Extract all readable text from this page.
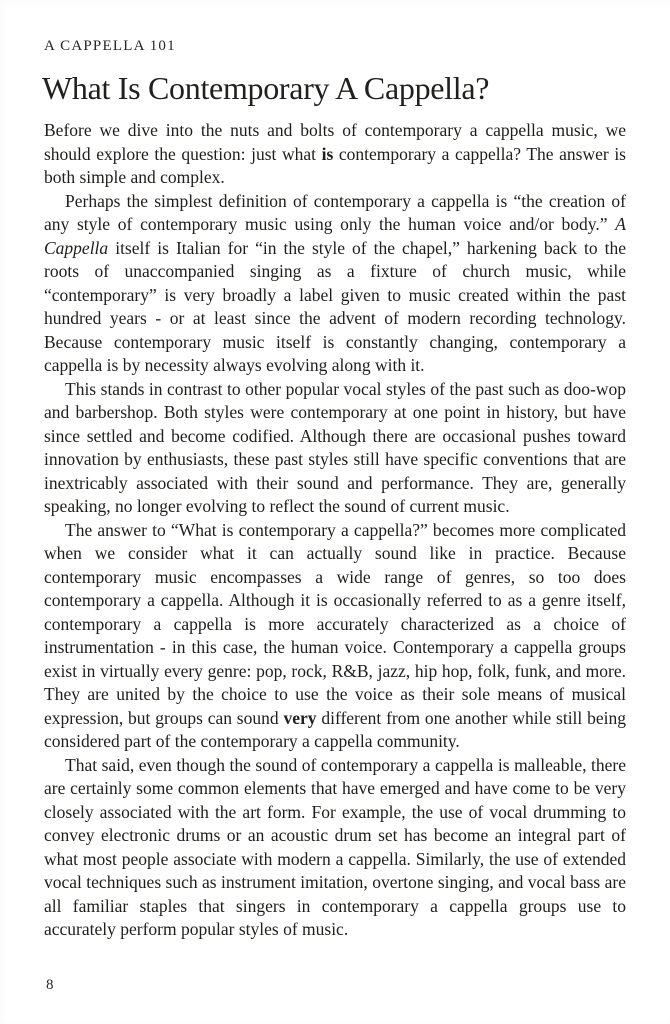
A CAPPELLA 101
What Is Contemporary A Cappella?

Before we dive into the nuts and bolts of contemporary a cappella music, we should explore the question: just what is contemporary a cappella? The answer is both simple and complex.

Perhaps the simplest definition of contemporary a cappella is “the creation of any style of contemporary music using only the human voice and/or body.” A Cappella itself is Italian for “in the style of the chapel,” harkening back to the roots of unaccompanied singing as a fixture of church music, while “contemporary” is very broadly a label given to music created within the past hundred years - or at least since the advent of modern recording technology. Because contemporary music itself is constantly changing, contemporary a cappella is by necessity always evolving along with it.

This stands in contrast to other popular vocal styles of the past such as doo-wop and barbershop. Both styles were contemporary at one point in history, but have since settled and become codified. Although there are occasional pushes toward innovation by enthusiasts, these past styles still have specific conventions that are inextricably associated with their sound and performance. They are, generally speaking, no longer evolving to reflect the sound of current music.

The answer to “What is contemporary a cappella?” becomes more complicated when we consider what it can actually sound like in practice. Because contemporary music encompasses a wide range of genres, so too does contemporary a cappella. Although it is occasionally referred to as a genre itself, contemporary a cappella is more accurately characterized as a choice of instrumentation - in this case, the human voice. Contemporary a cappella groups exist in virtually every genre: pop, rock, R&B, jazz, hip hop, folk, funk, and more. They are united by the choice to use the voice as their sole means of musical expression, but groups can sound very different from one another while still being considered part of the contemporary a cappella community.

That said, even though the sound of contemporary a cappella is malleable, there are certainly some common elements that have emerged and have come to be very closely associated with the art form. For example, the use of vocal drumming to convey electronic drums or an acoustic drum set has become an integral part of what most people associate with modern a cappella. Similarly, the use of extended vocal techniques such as instrument imitation, overtone singing, and vocal bass are all familiar staples that singers in contemporary a cappella groups use to accurately perform popular styles of music.

8
